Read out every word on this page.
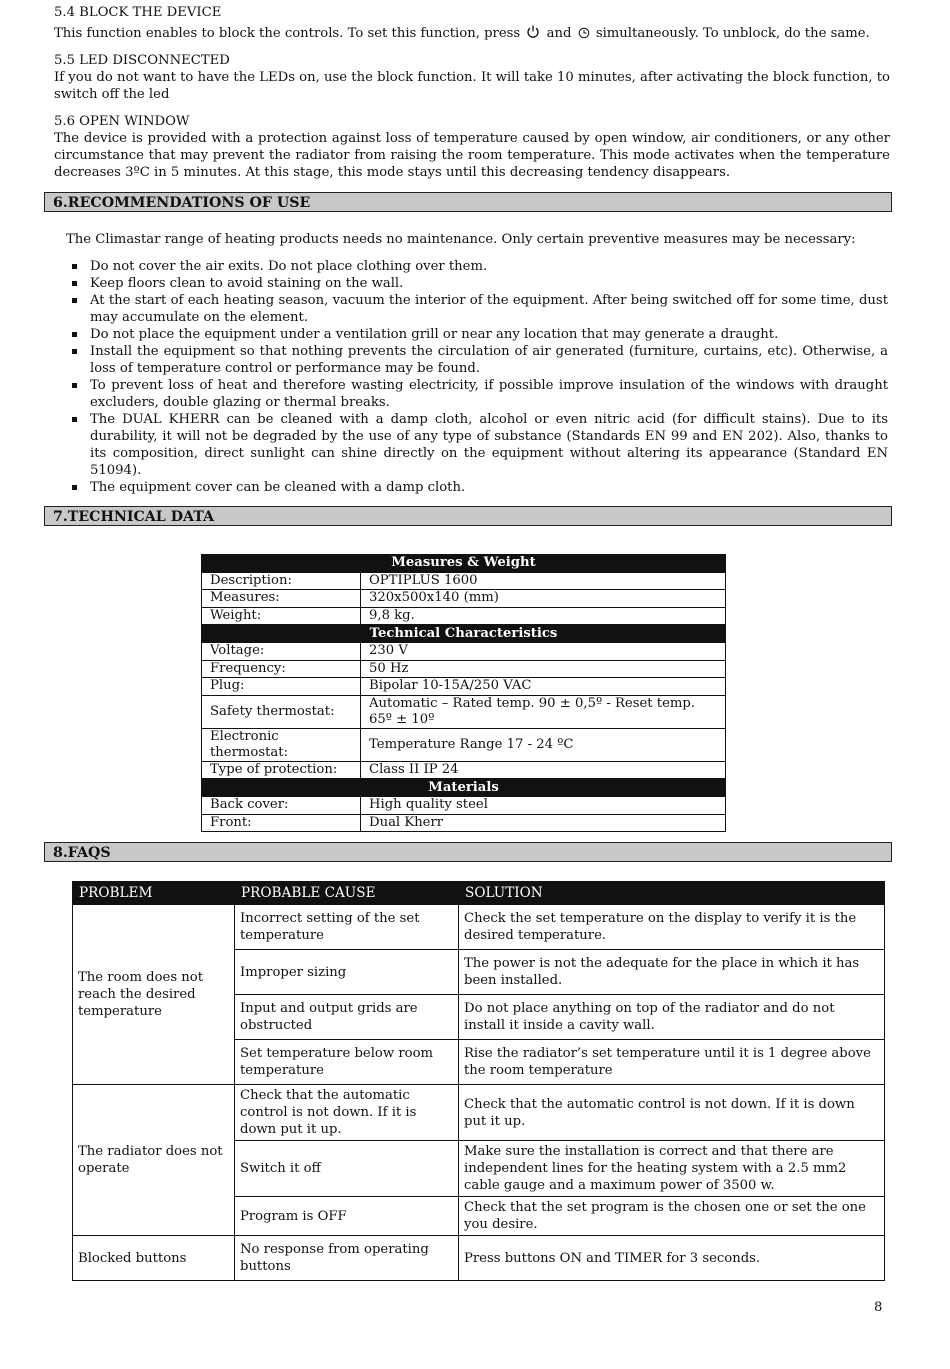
5.4 BLOCK THE DEVICE

This function enables to block the controls. To set this function, press and simultaneously. To unblock, do the same.

5.5 LED DISCONNECTED

If you do not want to have the LEDs on, use the block function. It will take 10 minutes, after activating the block function, to switch off the led

5.6 OPEN WINDOW

The device is provided with a protection against loss of temperature caused by open window, air conditioners, or any other circumstance that may prevent the radiator from raising the room temperature. This mode activates when the temperature decreases 3ºC in 5 minutes. At this stage, this mode stays until this decreasing tendency disappears.

6.RECOMMENDATIONS OF USE

The Climastar range of heating products needs no maintenance. Only certain preventive measures may be necessary:

Do not cover the air exits. Do not place clothing over them.
Keep floors clean to avoid staining on the wall.
At the start of each heating season, vacuum the interior of the equipment. After being switched off for some time, dust may accumulate on the element.
Do not place the equipment under a ventilation grill or near any location that may generate a draught.
Install the equipment so that nothing prevents the circulation of air generated (furniture, curtains, etc). Otherwise, a loss of temperature control or performance may be found.
To prevent loss of heat and therefore wasting electricity, if possible improve insulation of the windows with draught excluders, double glazing or thermal breaks.
The DUAL KHERR can be cleaned with a damp cloth, alcohol or even nitric acid (for difficult stains). Due to its durability, it will not be degraded by the use of any type of substance (Standards EN 99 and EN 202). Also, thanks to its composition, direct sunlight can shine directly on the equipment without altering its appearance (Standard EN 51094).
The equipment cover can be cleaned with a damp cloth.
7.TECHNICAL DATA
Measures & Weight	
Description:	OPTIPLUS 1600
Measures:	320x500x140 (mm)
Weight:	9,8 kg.
Technical Characteristics	
Voltage:	230 V
Frequency:	50 Hz
Plug:	Bipolar 10-15A/250 VAC
Safety thermostat:	Automatic – Rated temp. 90 ± 0,5º - Reset temp. 65º ± 10º
Electronic thermostat:	Temperature Range 17 - 24 ºC
Type of protection:	Class II IP 24
Materials	
Back cover:	High quality steel
Front:	Dual Kherr
8.FAQS
PROBLEM	PROBABLE CAUSE	SOLUTION
The room does not reach the desired temperature	Incorrect setting of the set temperature	Check the set temperature on the display to verify it is the desired temperature.
	Improper sizing	The power is not the adequate for the place in which it has been installed.
	Input and output grids are obstructed	Do not place anything on top of the radiator and do not install it inside a cavity wall.
	Set temperature below room temperature	Rise the radiator’s set temperature until it is 1 degree above the room temperature
The radiator does not operate	Check that the automatic control is not down. If it is down put it up.	Check that the automatic control is not down. If it is down put it up.
	Switch it off	Make sure the installation is correct and that there are independent lines for the heating system with a 2.5 mm2 cable gauge and a maximum power of 3500 w.
	Program is OFF	Check that the set program is the chosen one or set the one you desire.
Blocked buttons	No response from operating buttons	Press buttons ON and TIMER for 3 seconds.
8
